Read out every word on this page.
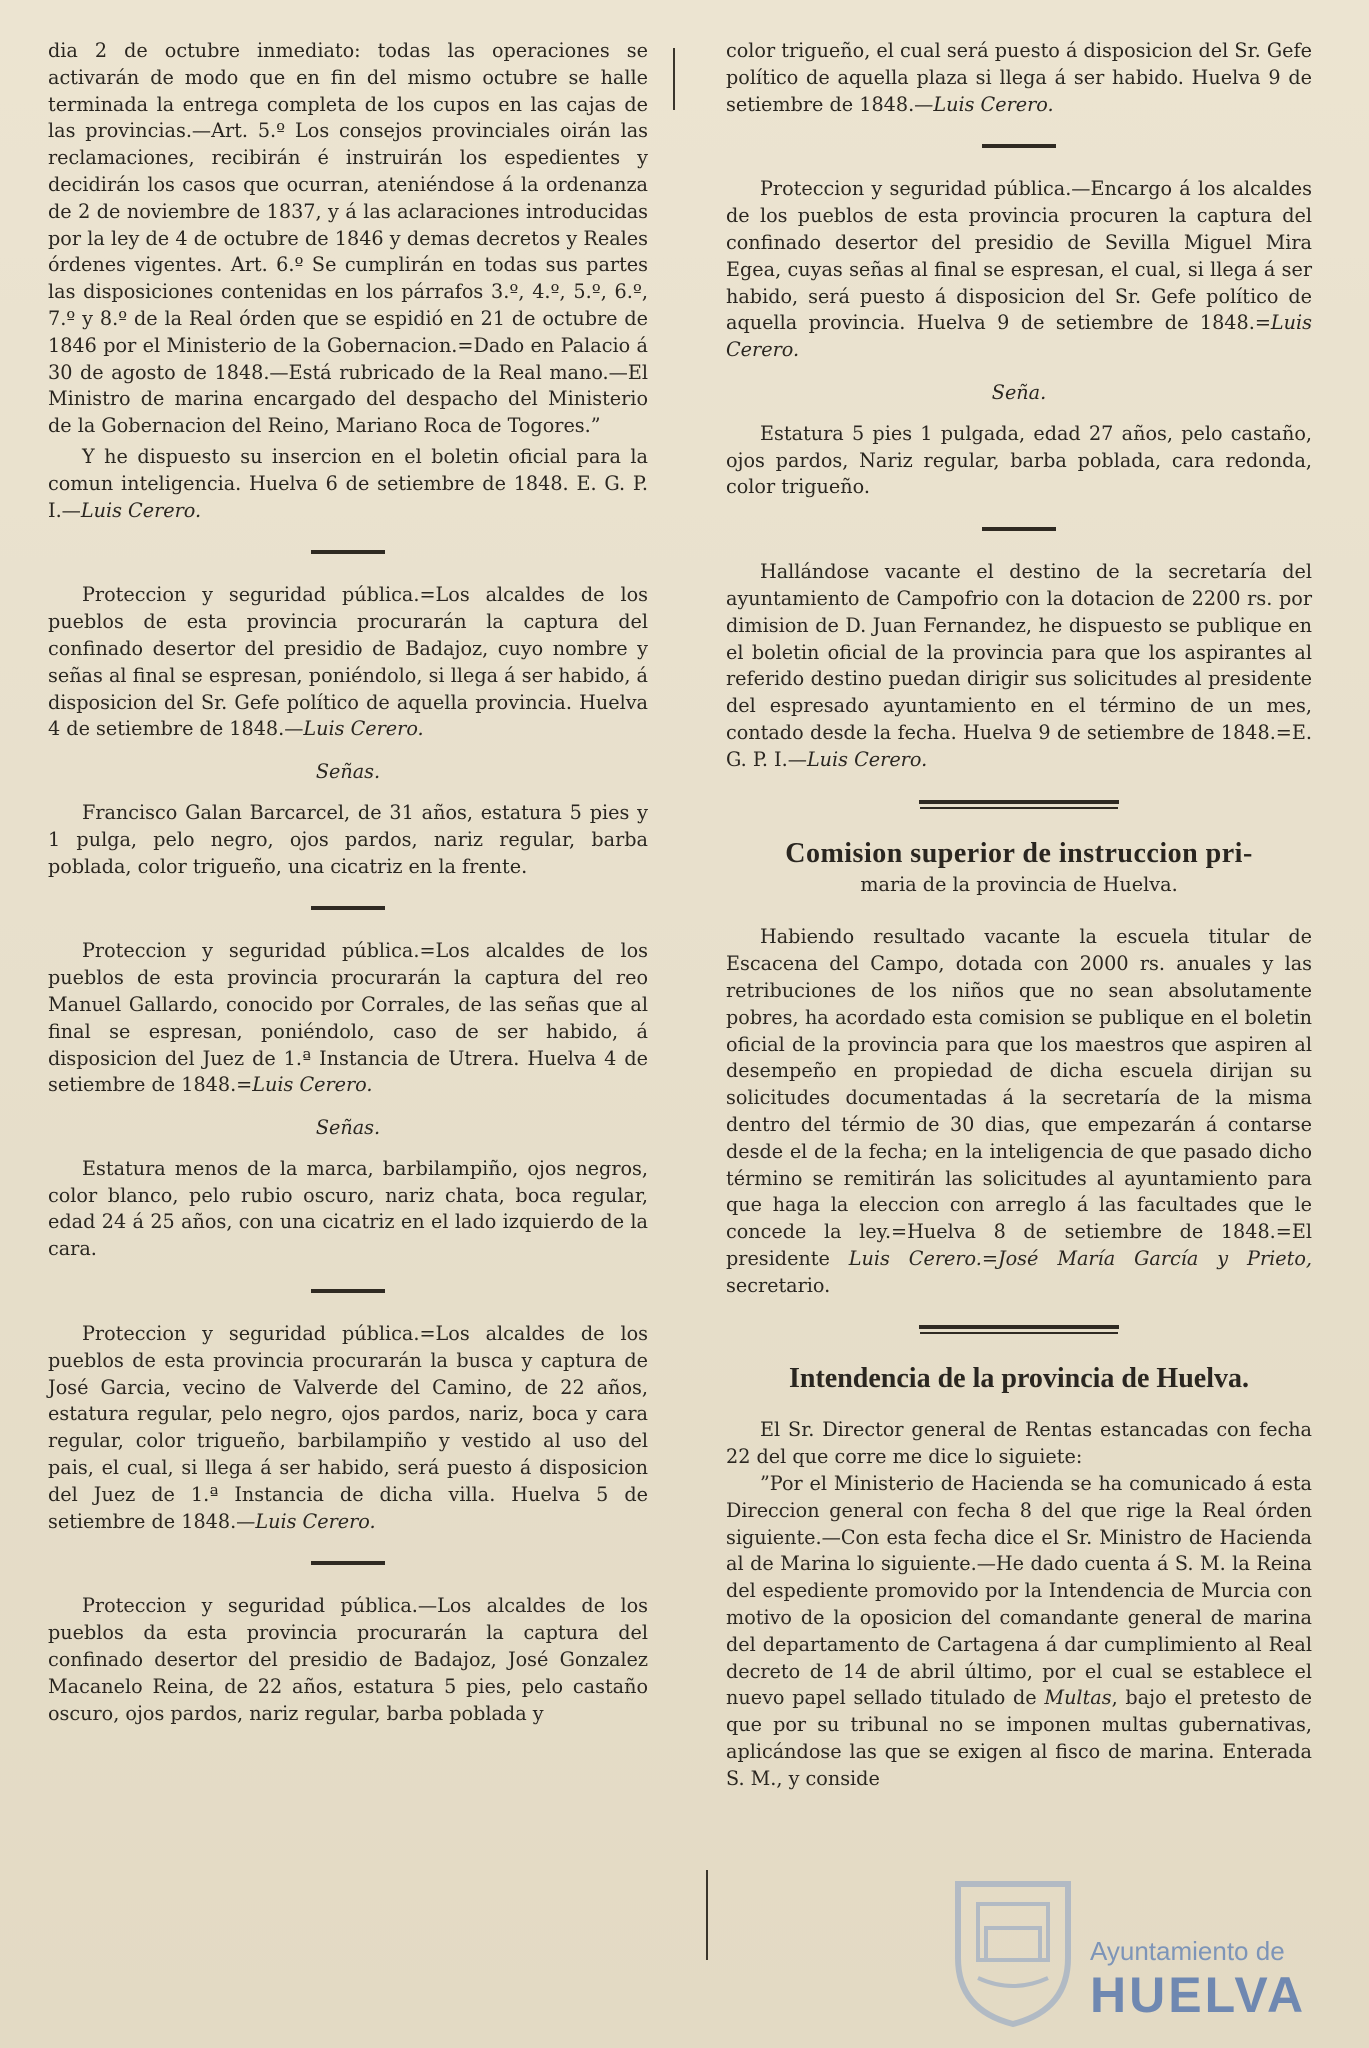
dia 2 de octubre inmediato: todas las operaciones se activarán de modo que en fin del mismo octubre se halle terminada la entrega completa de los cupos en las cajas de las provincias.—Art. 5.º Los consejos provinciales oirán las reclamaciones, recibirán é instruirán los espedientes y decidirán los casos que ocurran, ateniéndose á la ordenanza de 2 de noviembre de 1837, y á las aclaraciones introducidas por la ley de 4 de octubre de 1846 y demas decretos y Reales órdenes vigentes. Art. 6.º Se cumplirán en todas sus partes las disposiciones contenidas en los párrafos 3.º, 4.º, 5.º, 6.º, 7.º y 8.º de la Real órden que se espidió en 21 de octubre de 1846 por el Ministerio de la Gobernacion.=Dado en Palacio á 30 de agosto de 1848.—Está rubricado de la Real mano.—El Ministro de marina encargado del despacho del Ministerio de la Gobernacion del Reino, Mariano Roca de Togores.”

Y he dispuesto su insercion en el boletin oficial para la comun inteligencia. Huelva 6 de setiembre de 1848. E. G. P. I.—Luis Cerero.

Proteccion y seguridad pública.=Los alcaldes de los pueblos de esta provincia procurarán la captura del confinado desertor del presidio de Badajoz, cuyo nombre y señas al final se espresan, poniéndolo, si llega á ser habido, á disposicion del Sr. Gefe político de aquella provincia. Huelva 4 de setiembre de 1848.—Luis Cerero.

Señas.

Francisco Galan Barcarcel, de 31 años, estatura 5 pies y 1 pulga, pelo negro, ojos pardos, nariz regular, barba poblada, color trigueño, una cicatriz en la frente.

Proteccion y seguridad pública.=Los alcaldes de los pueblos de esta provincia procurarán la captura del reo Manuel Gallardo, conocido por Corrales, de las señas que al final se espresan, poniéndolo, caso de ser habido, á disposicion del Juez de 1.ª Instancia de Utrera. Huelva 4 de setiembre de 1848.=Luis Cerero.

Señas.

Estatura menos de la marca, barbilampiño, ojos negros, color blanco, pelo rubio oscuro, nariz chata, boca regular, edad 24 á 25 años, con una cicatriz en el lado izquierdo de la cara.

Proteccion y seguridad pública.=Los alcaldes de los pueblos de esta provincia procurarán la busca y captura de José Garcia, vecino de Valverde del Camino, de 22 años, estatura regular, pelo negro, ojos pardos, nariz, boca y cara regular, color trigueño, barbilampiño y vestido al uso del pais, el cual, si llega á ser habido, será puesto á disposicion del Juez de 1.ª Instancia de dicha villa. Huelva 5 de setiembre de 1848.—Luis Cerero.

Proteccion y seguridad pública.—Los alcaldes de los pueblos da esta provincia procurarán la captura del confinado desertor del presidio de Badajoz, José Gonzalez Macanelo Reina, de 22 años, estatura 5 pies, pelo castaño oscuro, ojos pardos, nariz regular, barba poblada y

color trigueño, el cual será puesto á disposicion del Sr. Gefe político de aquella plaza si llega á ser habido. Huelva 9 de setiembre de 1848.—Luis Cerero.

Proteccion y seguridad pública.—Encargo á los alcaldes de los pueblos de esta provincia procuren la captura del confinado desertor del presidio de Sevilla Miguel Mira Egea, cuyas señas al final se espresan, el cual, si llega á ser habido, será puesto á disposicion del Sr. Gefe político de aquella provincia. Huelva 9 de setiembre de 1848.=Luis Cerero.

Seña.

Estatura 5 pies 1 pulgada, edad 27 años, pelo castaño, ojos pardos, Nariz regular, barba poblada, cara redonda, color trigueño.

Hallándose vacante el destino de la secretaría del ayuntamiento de Campofrio con la dotacion de 2200 rs. por dimision de D. Juan Fernandez, he dispuesto se publique en el boletin oficial de la provincia para que los aspirantes al referido destino puedan dirigir sus solicitudes al presidente del espresado ayuntamiento en el término de un mes, contado desde la fecha. Huelva 9 de setiembre de 1848.=E. G. P. I.—Luis Cerero.

Comision superior de instruccion pri-

maria de la provincia de Huelva.

Habiendo resultado vacante la escuela titular de Escacena del Campo, dotada con 2000 rs. anuales y las retribuciones de los niños que no sean absolutamente pobres, ha acordado esta comision se publique en el boletin oficial de la provincia para que los maestros que aspiren al desempeño en propiedad de dicha escuela dirijan su solicitudes documentadas á la secretaría de la misma dentro del térmio de 30 dias, que empezarán á contarse desde el de la fecha; en la inteligencia de que pasado dicho término se remitirán las solicitudes al ayuntamiento para que haga la eleccion con arreglo á las facultades que le concede la ley.=Huelva 8 de setiembre de 1848.=El presidente Luis Cerero.=José María García y Prieto, secretario.

Intendencia de la provincia de Huelva.

El Sr. Director general de Rentas estancadas con fecha 22 del que corre me dice lo siguiete:

”Por el Ministerio de Hacienda se ha comunicado á esta Direccion general con fecha 8 del que rige la Real órden siguiente.—Con esta fecha dice el Sr. Ministro de Hacienda al de Marina lo siguiente.—He dado cuenta á S. M. la Reina del espediente promovido por la Intendencia de Murcia con motivo de la oposicion del comandante general de marina del departamento de Cartagena á dar cumplimiento al Real decreto de 14 de abril último, por el cual se establece el nuevo papel sellado titulado de Multas, bajo el pretesto de que por su tribunal no se imponen multas gubernativas, aplicándose las que se exigen al fisco de marina. Enterada S. M., y conside

Ayuntamiento de
HUELVA
